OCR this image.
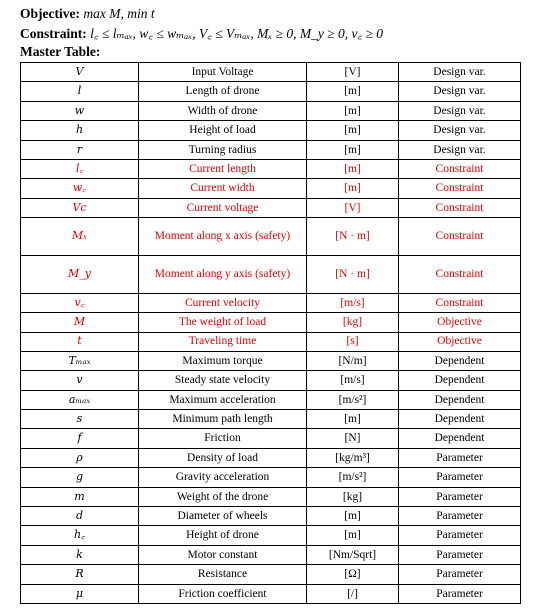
Objective: max M, min t
Constraint: l꜀ ≤ lₘₐₓ, w꜀ ≤ wₘₐₓ, V꜀ ≤ Vₘₐₓ, Mₓ ≥ 0, M_y ≥ 0, v꜀ ≥ 0
Master Table:
V	Input Voltage	[V]	Design var.
l	Length of drone	[m]	Design var.
w	Width of drone	[m]	Design var.
h	Height of load	[m]	Design var.
r	Turning radius	[m]	Design var.
l꜀	Current length	[m]	Constraint
w꜀	Current width	[m]	Constraint
Vc	Current voltage	[V]	Constraint
Mₓ	Moment along x axis (safety)	[N · m]	Constraint
M_y	Moment along y axis (safety)	[N · m]	Constraint
v꜀	Current velocity	[m/s]	Constraint
M	The weight of load	[kg]	Objective
t	Traveling time	[s]	Objective
Tₘₐₓ	Maximum torque	[N/m]	Dependent
v	Steady state velocity	[m/s]	Dependent
aₘₐₓ	Maximum acceleration	[m/s²]	Dependent
s	Minimum path length	[m]	Dependent
f	Friction	[N]	Dependent
ρ	Density of load	[kg/m³]	Parameter
g	Gravity acceleration	[m/s²]	Parameter
m	Weight of the drone	[kg]	Parameter
d	Diameter of wheels	[m]	Parameter
h꜀	Height of drone	[m]	Parameter
k	Motor constant	[Nm/Sqrt]	Parameter
R	Resistance	[Ω]	Parameter
μ	Friction coefficient	[/]	Parameter
